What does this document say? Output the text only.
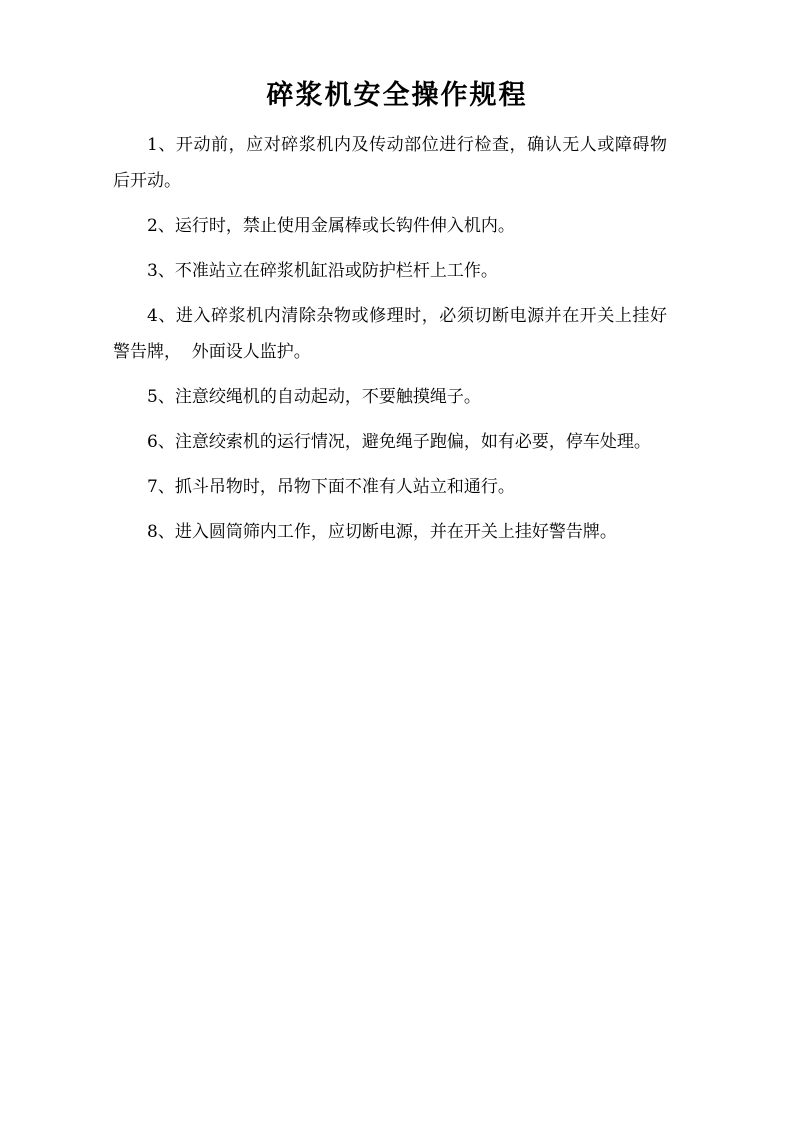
碎浆机安全操作规程
1、开动前，应对碎浆机内及传动部位进行检查，确认无人或障碍物后开动。
2、运行时，禁止使用金属棒或长钩件伸入机内。
3、不准站立在碎浆机缸沿或防护栏杆上工作。
4、进入碎浆机内清除杂物或修理时，必须切断电源并在开关上挂好警告牌，  外面设人监护。
5、注意绞绳机的自动起动，不要触摸绳子。
6、注意绞索机的运行情况，避免绳子跑偏，如有必要，停车处理。
7、抓斗吊物时，吊物下面不准有人站立和通行。
8、进入圆筒筛内工作，应切断电源，并在开关上挂好警告牌。
